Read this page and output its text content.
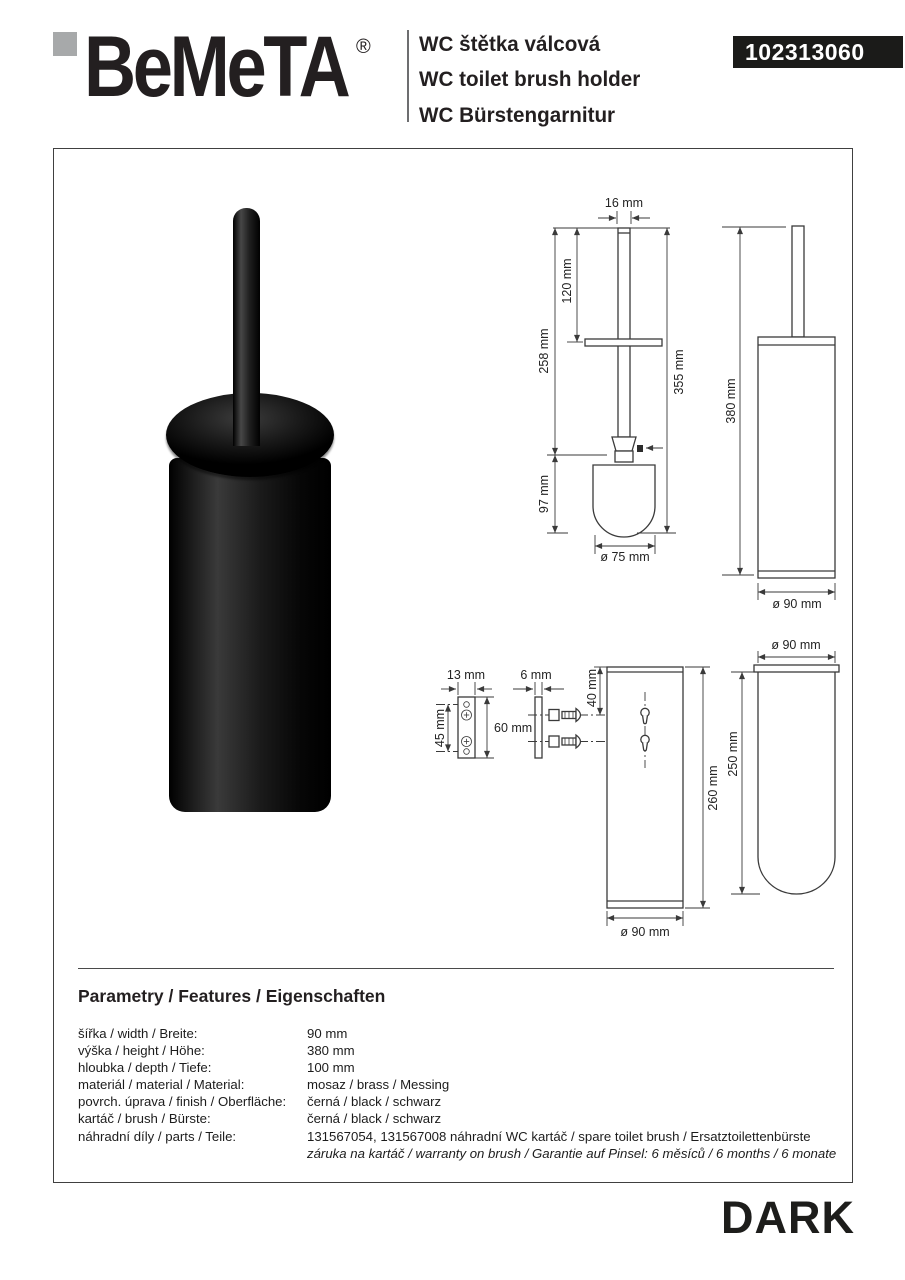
BeMeTA ® WC štětka válcová
WC toilet brush holder
WC Bürstengarnitur
102313060
16 mm
120 mm
258 mm
97 mm
355 mm
ø 75 mm
380 mm
ø 90 mm
13 mm
45 mm	60 mm
6 mm	40 mm
260 mm
ø 90 mm
ø 90 mm
250 mm
Parametry / Features / Eigenschaften
šířka / width / Breite:	90 mm
výška / height / Höhe:	380 mm
hloubka / depth / Tiefe:	100 mm
materiál / material / Material:	mosaz / brass / Messing
povrch. úprava / finish / Oberfläche: černá / black / schwarz
kartáč / brush / Bürste:	černá / black / schwarz
náhradní díly / parts / Teile:	131567054, 131567008 náhradní WC kartáč / spare toilet brush / Ersatztoilettenbürste
záruka na kartáč / warranty on brush / Garantie auf Pinsel: 6 měsíců / 6 months / 6 monate
DARK
